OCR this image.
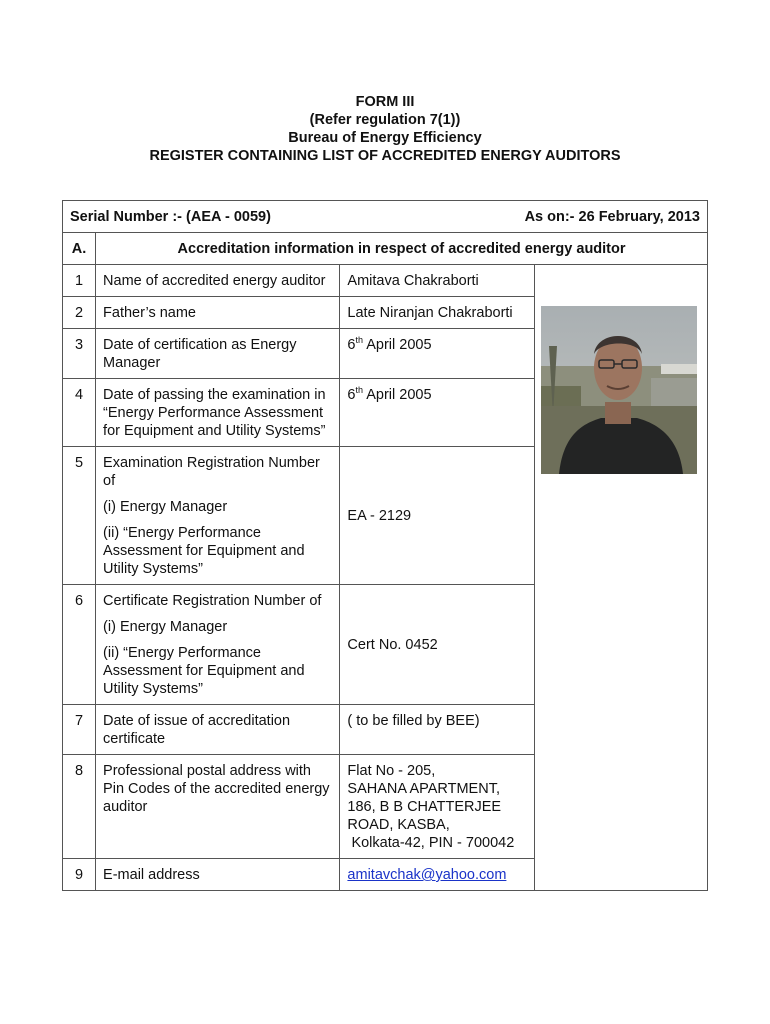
FORM III
(Refer regulation 7(1))
Bureau of Energy Efficiency
REGISTER CONTAINING LIST OF ACCREDITED ENERGY AUDITORS
Serial Number :- (AEA - 0059) As on:- 26 February, 2013			

A.	Accreditation information in respect of accredited energy auditor		
1	Name of accredited energy auditor	Amitava Chakraborti	

2	Father’s name	Late Niranjan Chakraborti	
3	Date of certification as Energy Manager	6th April 2005	
4	Date of passing the examination in “Energy Performance Assessment for Equipment and Utility Systems”	6th April 2005	
5	Examination Registration Number of
(i) Energy Manager
(ii) “Energy Performance Assessment for Equipment and Utility Systems”	EA - 2129	
6	Certificate Registration Number of
(i) Energy Manager
(ii) “Energy Performance Assessment for Equipment and Utility Systems”	Cert No. 0452	
7	Date of issue of accreditation certificate	( to be filled by BEE)	
8	Professional postal address with Pin Codes of the accredited energy auditor	Flat No - 205,
SAHANA APARTMENT,
186, B B CHATTERJEE
ROAD, KASBA,
Kolkata-42, PIN - 700042	

9	E-mail address	amitavchak@yahoo.com	
